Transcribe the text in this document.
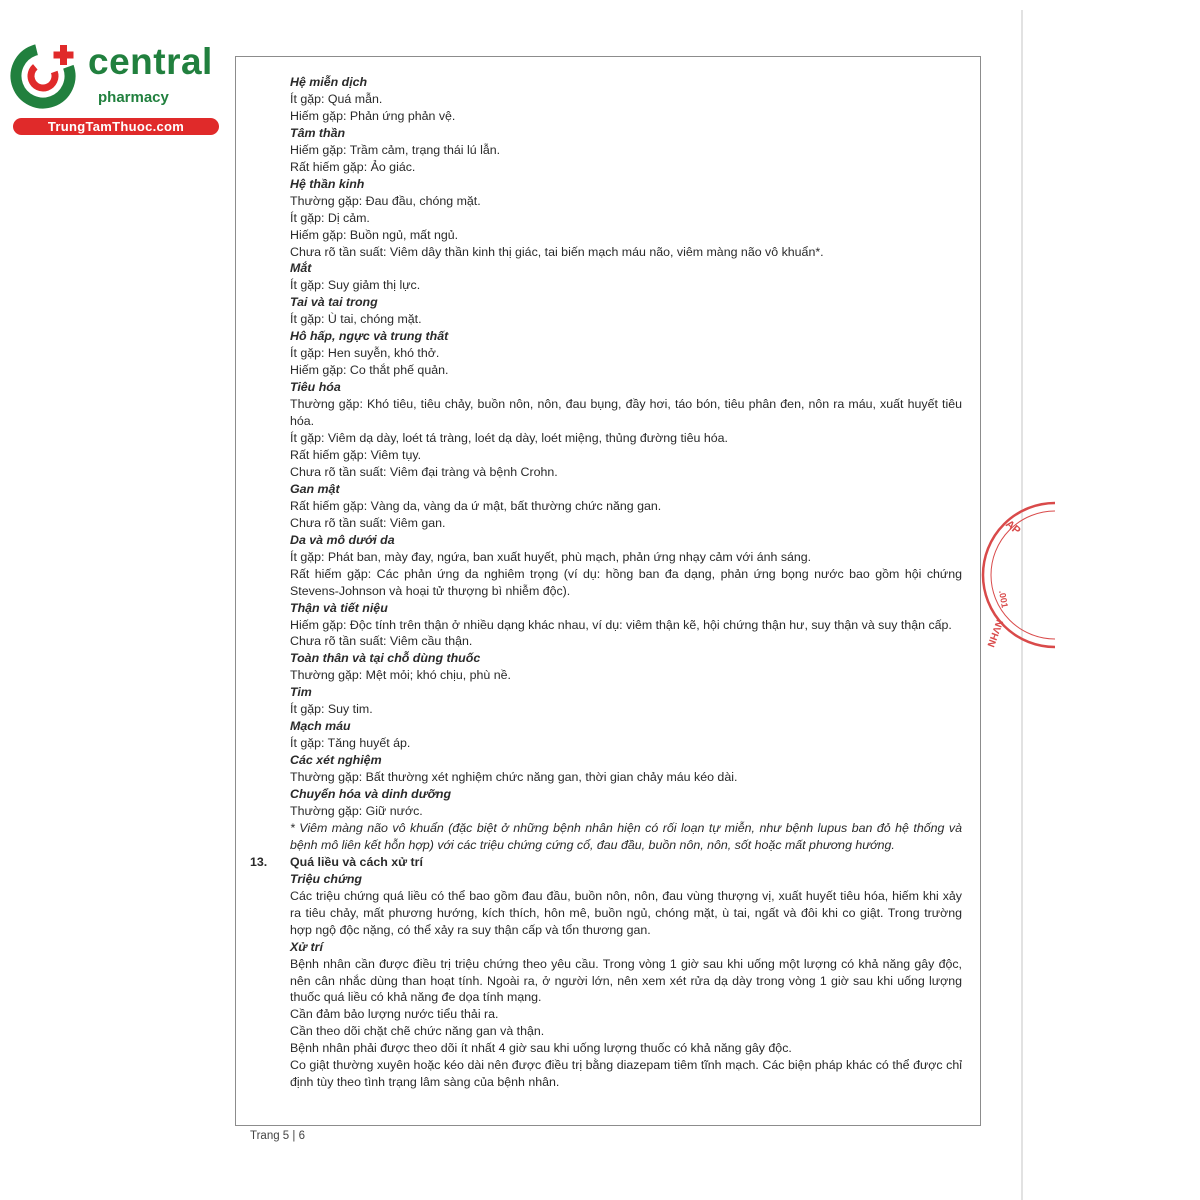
central
pharmacy
TrungTamThuoc.com
AP
.001
NVHN
Hệ miễn dịch
Ít gặp: Quá mẫn.
Hiếm gặp: Phản ứng phản vệ.
Tâm thần
Hiếm gặp: Trầm cảm, trạng thái lú lẫn.
Rất hiếm gặp: Ảo giác.
Hệ thần kinh
Thường gặp: Đau đầu, chóng mặt.
Ít gặp: Dị cảm.
Hiếm gặp: Buồn ngủ, mất ngủ.
Chưa rõ tần suất: Viêm dây thần kinh thị giác, tai biến mạch máu não, viêm màng não vô khuẩn*.
Mắt
Ít gặp: Suy giảm thị lực.
Tai và tai trong
Ít gặp: Ù tai, chóng mặt.
Hô hấp, ngực và trung thất
Ít gặp: Hen suyễn, khó thở.
Hiếm gặp: Co thắt phế quản.
Tiêu hóa
Thường gặp: Khó tiêu, tiêu chảy, buồn nôn, nôn, đau bụng, đầy hơi, táo bón, tiêu phân đen, nôn ra máu, xuất huyết tiêu hóa.
Ít gặp: Viêm dạ dày, loét tá tràng, loét dạ dày, loét miệng, thủng đường tiêu hóa.
Rất hiếm gặp: Viêm tụy.
Chưa rõ tần suất: Viêm đại tràng và bệnh Crohn.
Gan mật
Rất hiếm gặp: Vàng da, vàng da ứ mật, bất thường chức năng gan.
Chưa rõ tần suất: Viêm gan.
Da và mô dưới da
Ít gặp: Phát ban, mày đay, ngứa, ban xuất huyết, phù mạch, phản ứng nhạy cảm với ánh sáng.
Rất hiếm gặp: Các phản ứng da nghiêm trọng (ví dụ: hồng ban đa dạng, phản ứng bọng nước bao gồm hội chứng Stevens-Johnson và hoại tử thượng bì nhiễm độc).
Thận và tiết niệu
Hiếm gặp: Độc tính trên thận ở nhiều dạng khác nhau, ví dụ: viêm thận kẽ, hội chứng thận hư, suy thận và suy thận cấp.
Chưa rõ tần suất: Viêm cầu thận.
Toàn thân và tại chỗ dùng thuốc
Thường gặp: Mệt mỏi; khó chịu, phù nề.
Tim
Ít gặp: Suy tim.
Mạch máu
Ít gặp: Tăng huyết áp.
Các xét nghiệm
Thường gặp: Bất thường xét nghiệm chức năng gan, thời gian chảy máu kéo dài.
Chuyển hóa và dinh dưỡng
Thường gặp: Giữ nước.
* Viêm màng não vô khuẩn (đặc biệt ở những bệnh nhân hiện có rối loạn tự miễn, như bệnh lupus ban đỏ hệ thống và bệnh mô liên kết hỗn hợp) với các triệu chứng cứng cổ, đau đầu, buồn nôn, nôn, sốt hoặc mất phương hướng.
13.	Quá liều và cách xử trí
Triệu chứng
Các triệu chứng quá liều có thể bao gồm đau đầu, buồn nôn, nôn, đau vùng thượng vị, xuất huyết tiêu hóa, hiếm khi xảy ra tiêu chảy, mất phương hướng, kích thích, hôn mê, buồn ngủ, chóng mặt, ù tai, ngất và đôi khi co giật. Trong trường hợp ngộ độc nặng, có thể xảy ra suy thận cấp và tổn thương gan.
Xử trí
Bệnh nhân cần được điều trị triệu chứng theo yêu cầu. Trong vòng 1 giờ sau khi uống một lượng có khả năng gây độc, nên cân nhắc dùng than hoạt tính. Ngoài ra, ở người lớn, nên xem xét rửa dạ dày trong vòng 1 giờ sau khi uống lượng thuốc quá liều có khả năng đe dọa tính mạng.
Cần đảm bảo lượng nước tiểu thải ra.
Cần theo dõi chặt chẽ chức năng gan và thận.
Bệnh nhân phải được theo dõi ít nhất 4 giờ sau khi uống lượng thuốc có khả năng gây độc.
Co giật thường xuyên hoặc kéo dài nên được điều trị bằng diazepam tiêm tĩnh mạch. Các biện pháp khác có thể được chỉ định tùy theo tình trạng lâm sàng của bệnh nhân.
Trang 5 | 6
